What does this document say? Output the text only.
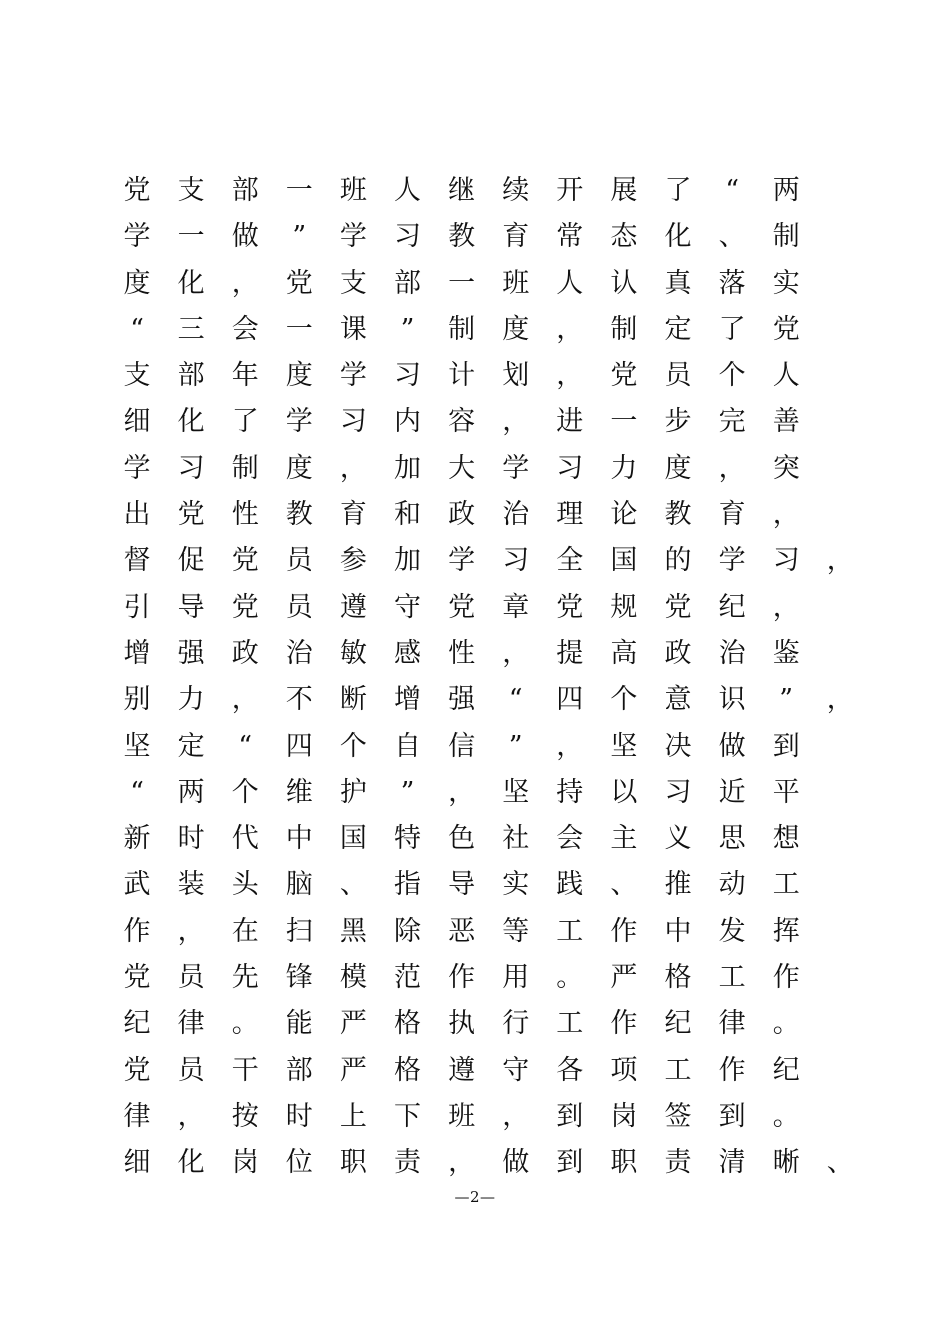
党 支 部 一 班 人 继 续 开 展 了 “ 两
学 一 做 ” 学 习 教 育 常 态 化 、 制
度 化 ， 党 支 部 一 班 人 认 真 落 实
“ 三 会 一 课 ” 制 度 ， 制 定 了 党
支 部 年 度 学 习 计 划 ， 党 员 个 人
细 化 了 学 习 内 容 ， 进 一 步 完 善
学 习 制 度 ， 加 大 学 习 力 度 ， 突
出 党 性 教 育 和 政 治 理 论 教 育 ，
督 促 党 员 参 加 学 习 全 国 的 学 习 ，
引 导 党 员 遵 守 党 章 党 规 党 纪 ，
增 强 政 治 敏 感 性 ， 提 高 政 治 鉴
别 力 ， 不 断 增 强 “ 四 个 意 识 ” ，
坚 定 “ 四 个 自 信 ” ， 坚 决 做 到
“ 两 个 维 护 ” ， 坚 持 以 习 近 平
新 时 代 中 国 特 色 社 会 主 义 思 想
武 装 头 脑 、 指 导 实 践 、 推 动 工
作 ， 在 扫 黑 除 恶 等 工 作 中 发 挥
党 员 先 锋 模 范 作 用 。 严 格 工 作
纪 律 。 能 严 格 执 行 工 作 纪 律 。
党 员 干 部 严 格 遵 守 各 项 工 作 纪
律 ， 按 时 上 下 班 ， 到 岗 签 到 。
细 化 岗 位 职 责 ， 做 到 职 责 清 晰 、
—2—
